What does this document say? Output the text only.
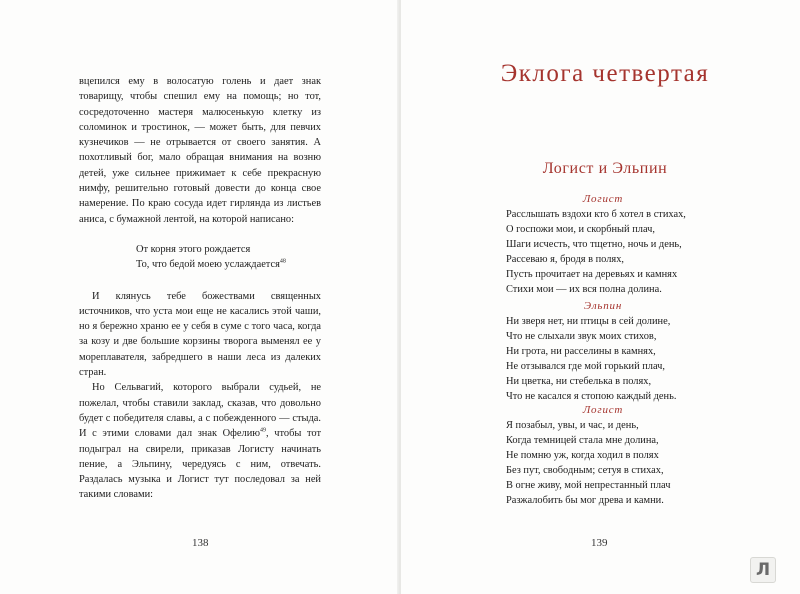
вцепился ему в волосатую голень и дает знак товарищу, чтобы спешил ему на помощь; но тот, сосредоточенно мастеря малюсенькую клетку из соломинок и тростинок, — может быть, для певчих кузнечиков — не отрывается от своего занятия. А похотливый бог, мало обращая внимания на возню детей, уже сильнее прижимает к себе прекрасную нимфу, решительно готовый довести до конца свое намерение. По краю сосуда идет гирлянда из листьев аниса, с бумажной лентой, на которой написано:

От корня этого рождается
То, что бедой моею услаждается$^{48}$

И клянусь тебе божествами священных источников, что уста мои еще не касались этой чаши, но я бережно храню ее у себя в суме с того часа, когда за козу и две большие корзины творога выменял ее у мореплавателя, забредшего в наши леса из далеких стран.

Но Сельвагий, которого выбрали судьей, не пожелал, чтобы ставили заклад, сказав, что довольно будет с победителя славы, а с побежденного — стыда. И с этими словами дал знак Офелию$^{49}$, чтобы тот подыграл на свирели, приказав Логисту начинать пение, а Эльпину, чередуясь с ним, отвечать. Раздалась музыка и Логист тут последовал за ней такими словами:

138
Эклога четвертая
Логист и Эльпин
Логист
Расслышать вздохи кто б хотел в стихах,
О госпожи мои, и скорбный плач,
Шаги исчесть, что тщетно, ночь и день,
Рассеваю я, бродя в полях,
Пусть прочитает на деревьях и камнях
Стихи мои — их вся полна долина.
Эльпин
Ни зверя нет, ни птицы в сей долине,
Что не слыхали звук моих стихов,
Ни грота, ни расселины в камнях,
Не отзывался где мой горький плач,
Ни цветка, ни стебелька в полях,
Что не касался я стопою каждый день.
Логист
Я позабыл, увы, и час, и день,
Когда темницей стала мне долина,
Не помню уж, когда ходил в полях
Без пут, свободным; сетуя в стихах,
В огне живу, мой непрестанный плач
Разжалобить бы мог древа и камни.
139
Л
